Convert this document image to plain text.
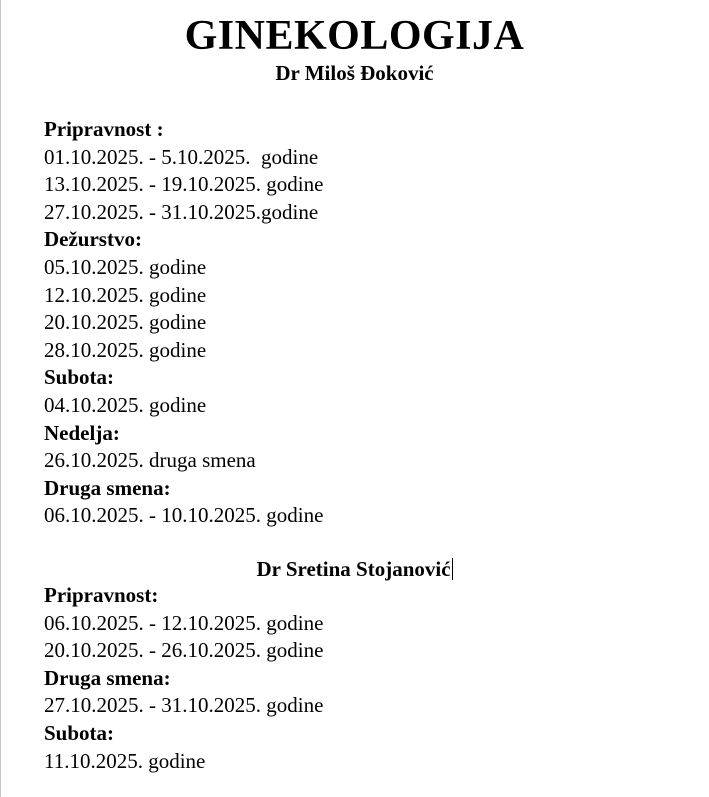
GINEKOLOGIJA
Dr Miloš Đoković
Pripravnost :
01.10.2025. - 5.10.2025.  godine
13.10.2025. - 19.10.2025. godine
27.10.2025. - 31.10.2025.godine
Dežurstvo:
05.10.2025. godine
12.10.2025. godine
20.10.2025. godine
28.10.2025. godine
Subota:
04.10.2025. godine
Nedelja:
26.10.2025. druga smena
Druga smena:
06.10.2025. - 10.10.2025. godine
Dr Sretina Stojanović
Pripravnost:
06.10.2025. - 12.10.2025. godine
20.10.2025. - 26.10.2025. godine
Druga smena:
27.10.2025. - 31.10.2025. godine
Subota:
11.10.2025. godine
